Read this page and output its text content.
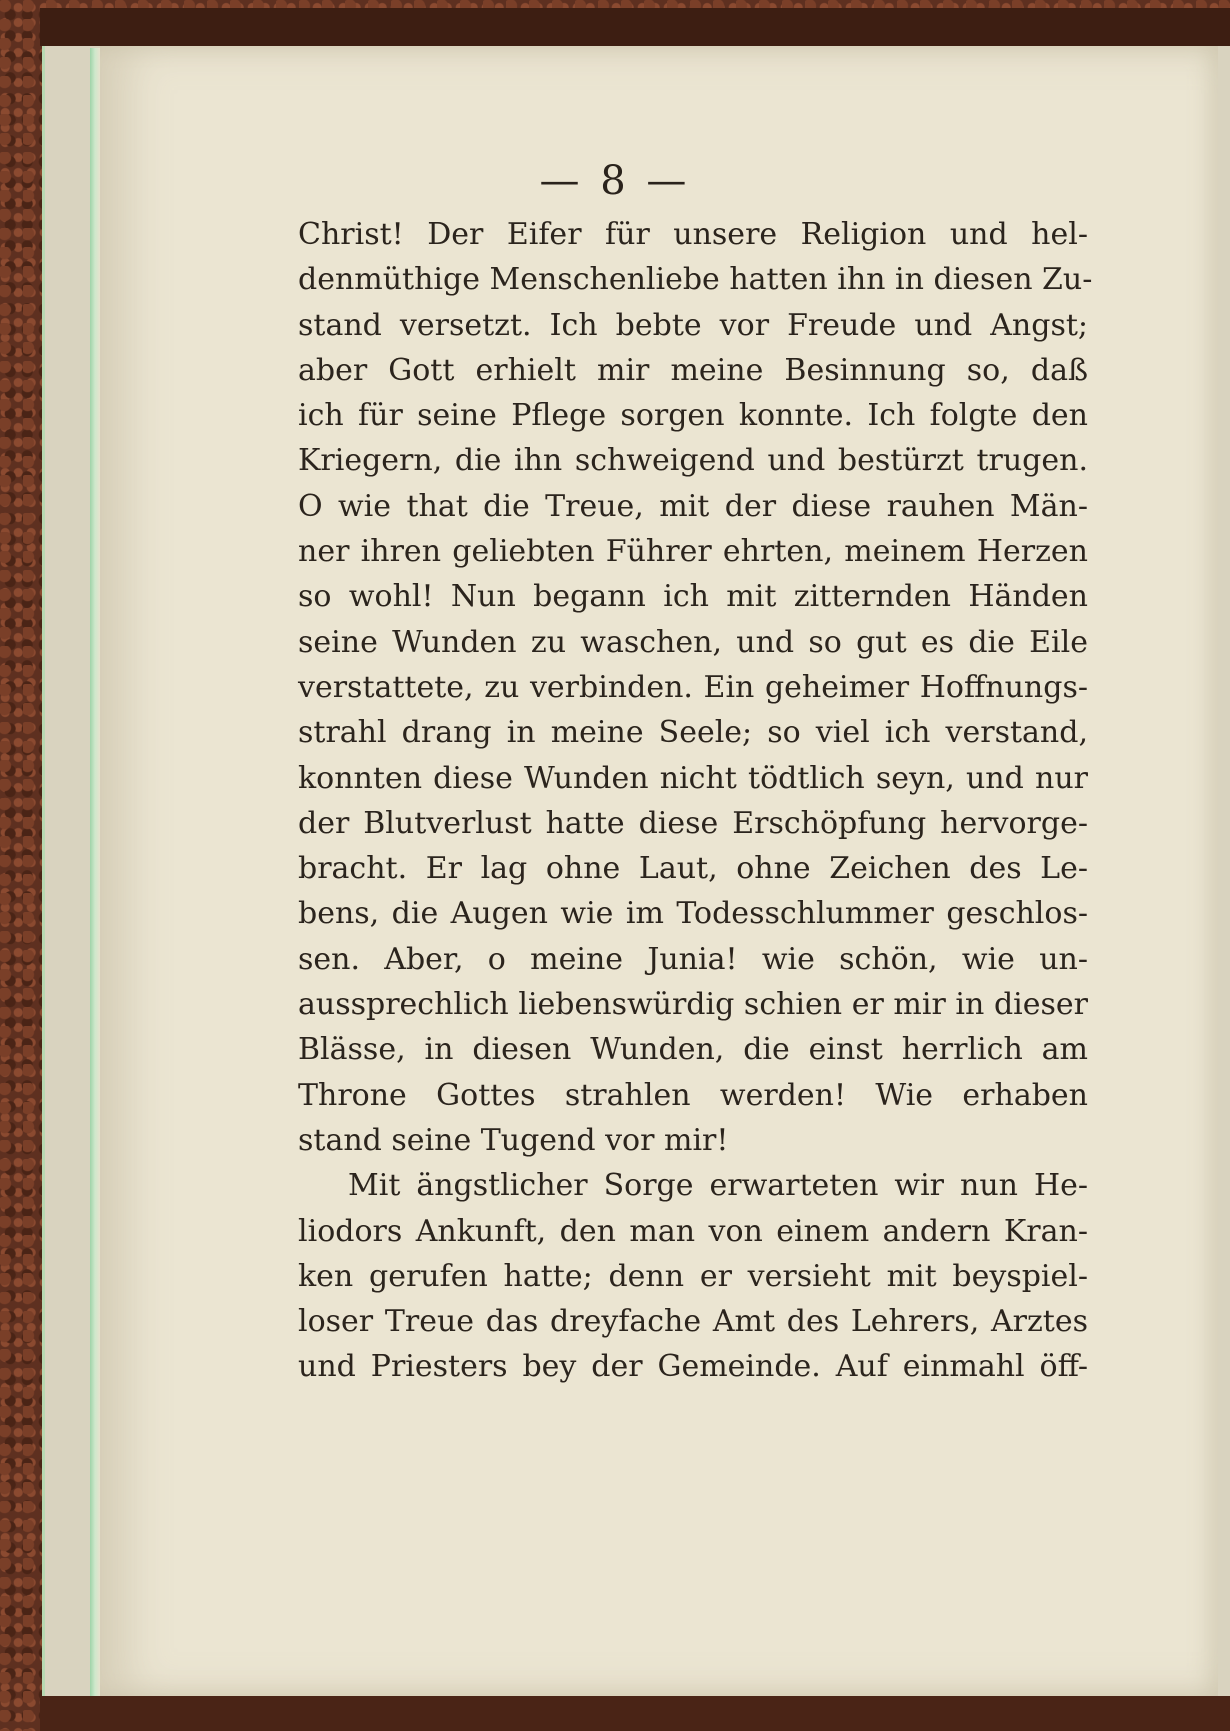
— 8 —
Christ! Der Eifer für unsere Religion und hel-
denmüthige Menschenliebe hatten ihn in diesen Zu-
stand versetzt. Ich bebte vor Freude und Angst;
aber Gott erhielt mir meine Besinnung so, daß
ich für seine Pflege sorgen konnte. Ich folgte den
Kriegern, die ihn schweigend und bestürzt trugen.
O wie that die Treue, mit der diese rauhen Män-
ner ihren geliebten Führer ehrten, meinem Herzen
so wohl! Nun begann ich mit zitternden Händen
seine Wunden zu waschen, und so gut es die Eile
verstattete, zu verbinden. Ein geheimer Hoffnungs-
strahl drang in meine Seele; so viel ich verstand,
konnten diese Wunden nicht tödtlich seyn, und nur
der Blutverlust hatte diese Erschöpfung hervorge-
bracht. Er lag ohne Laut, ohne Zeichen des Le-
bens, die Augen wie im Todesschlummer geschlos-
sen. Aber, o meine Junia! wie schön, wie un-
aussprechlich liebenswürdig schien er mir in dieser
Blässe, in diesen Wunden, die einst herrlich am
Throne Gottes strahlen werden! Wie erhaben
stand seine Tugend vor mir!
Mit ängstlicher Sorge erwarteten wir nun He-
liodors Ankunft, den man von einem andern Kran-
ken gerufen hatte; denn er versieht mit beyspiel-
loser Treue das dreyfache Amt des Lehrers, Arztes
und Priesters bey der Gemeinde. Auf einmahl öff-
